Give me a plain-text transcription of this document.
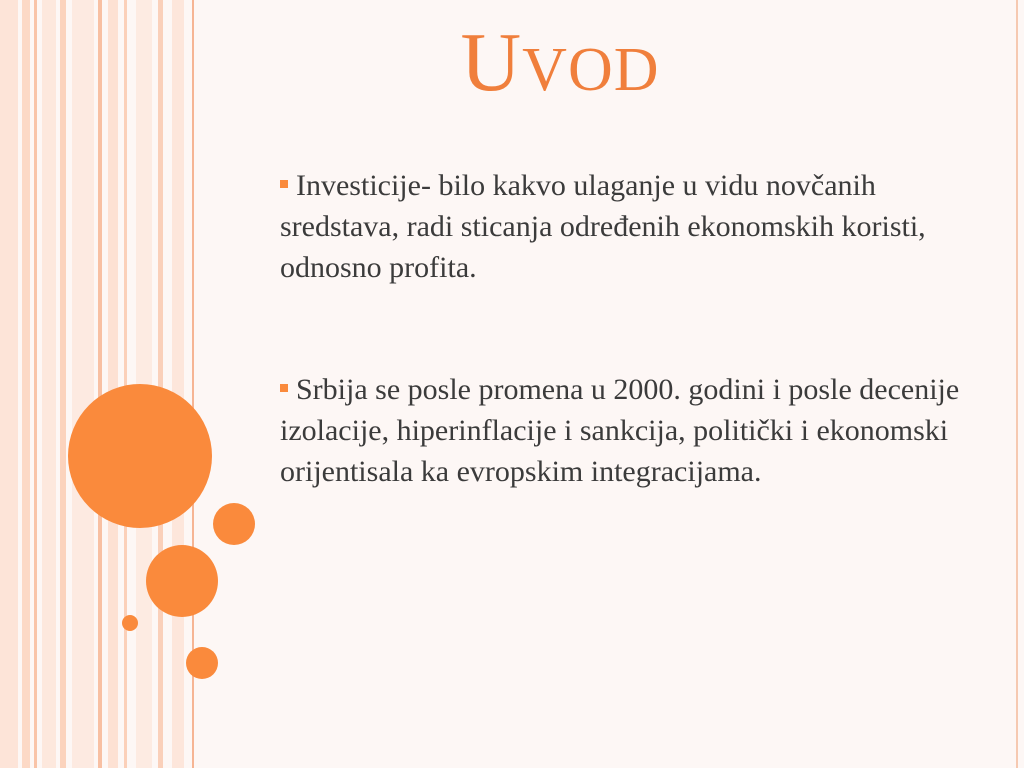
UVOD

Investicije- bilo kakvo ulaganje u vidu novčanih sredstava, radi sticanja određenih ekonomskih koristi, odnosno profita.

Srbija se posle promena u 2000. godini i posle decenije izolacije, hiperinflacije i sankcija, politički i ekonomski orijentisala ka evropskim integracijama.
